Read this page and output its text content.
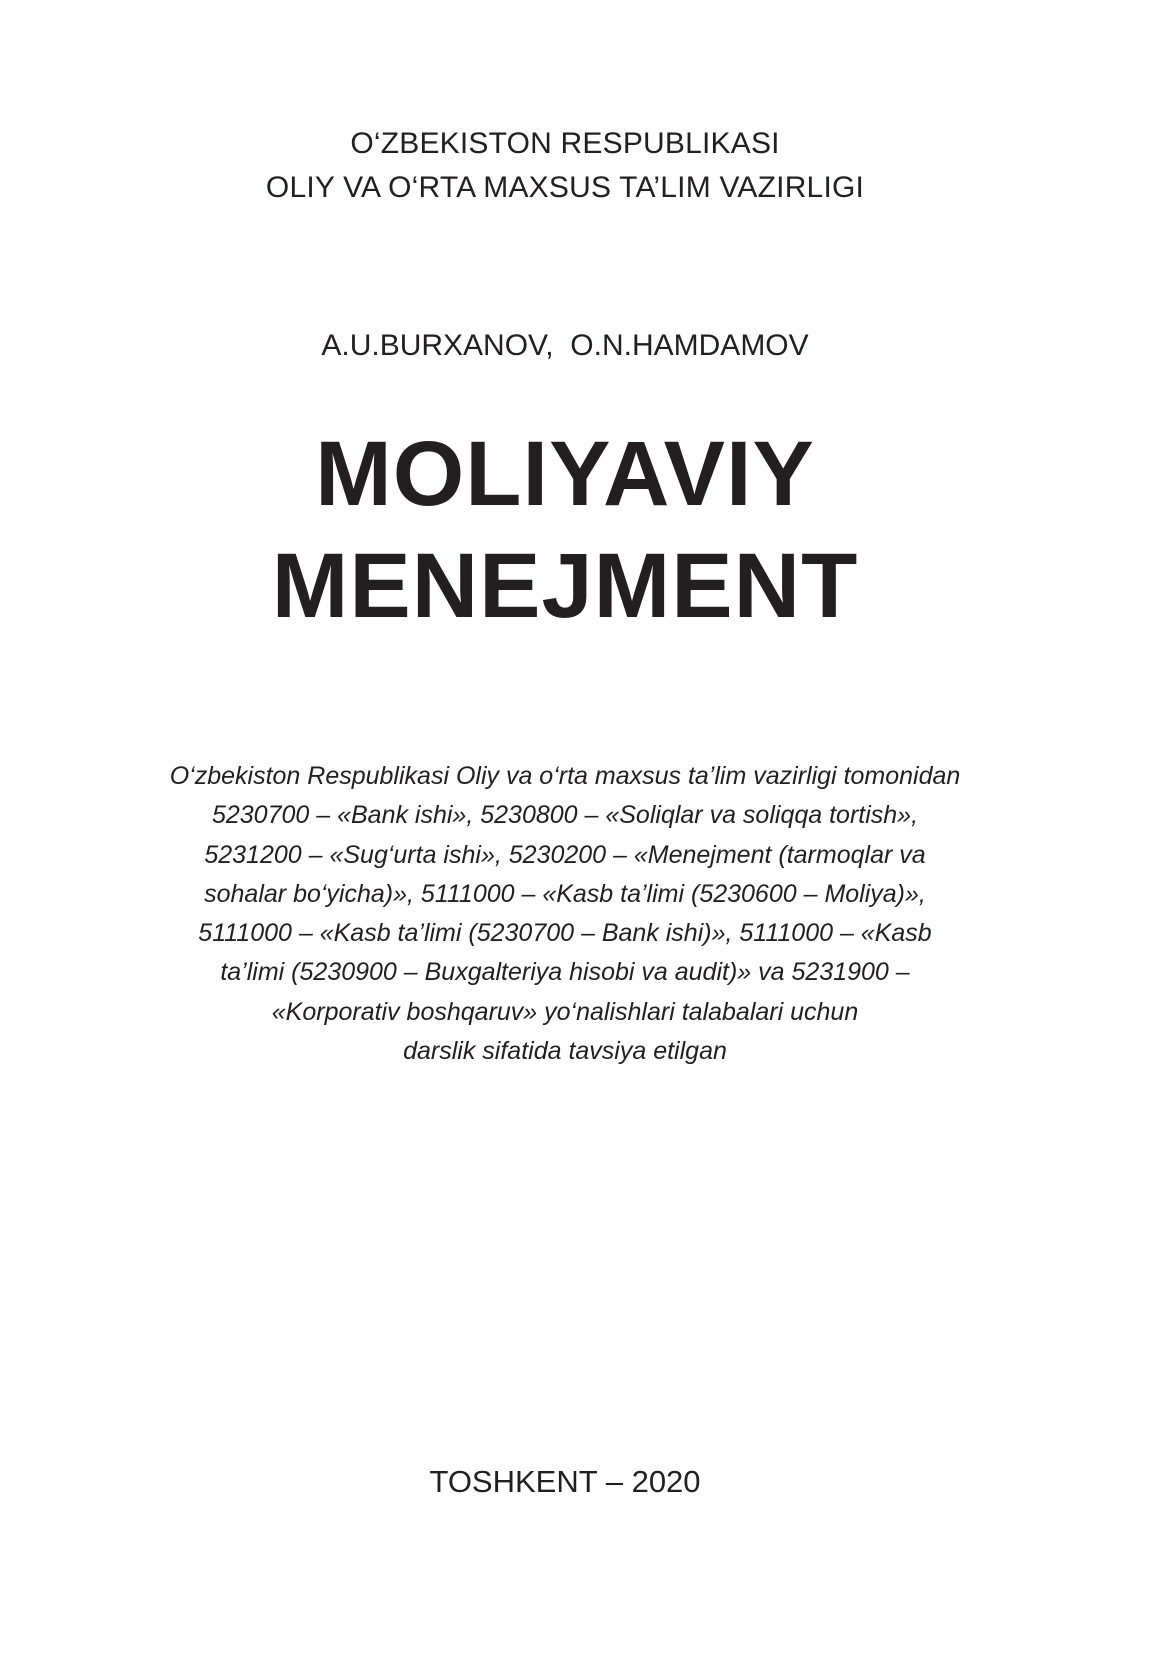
O‘ZBEKISTON RESPUBLIKASI
OLIY VA O‘RTA MAXSUS TA’LIM VAZIRLIGI
A.U.BURXANOV,  O.N.HAMDAMOV
MOLIYAVIY
MENEJMENT
O‘zbekiston Respublikasi Oliy va o‘rta maxsus ta’lim vazirligi tomonidan
5230700 – «Bank ishi», 5230800 – «Soliqlar va soliqqa tortish»,
5231200 – «Sug‘urta ishi», 5230200 – «Menejment (tarmoqlar va
sohalar bo‘yicha)», 5111000 – «Kasb ta’limi (5230600 – Moliya)»,
5111000 – «Kasb ta’limi (5230700 – Bank ishi)», 5111000 – «Kasb
ta’limi (5230900 – Buxgalteriya hisobi va audit)» va 5231900 –
«Korporativ boshqaruv» yo‘nalishlari talabalari uchun
darslik sifatida tavsiya etilgan
TOSHKENT – 2020
